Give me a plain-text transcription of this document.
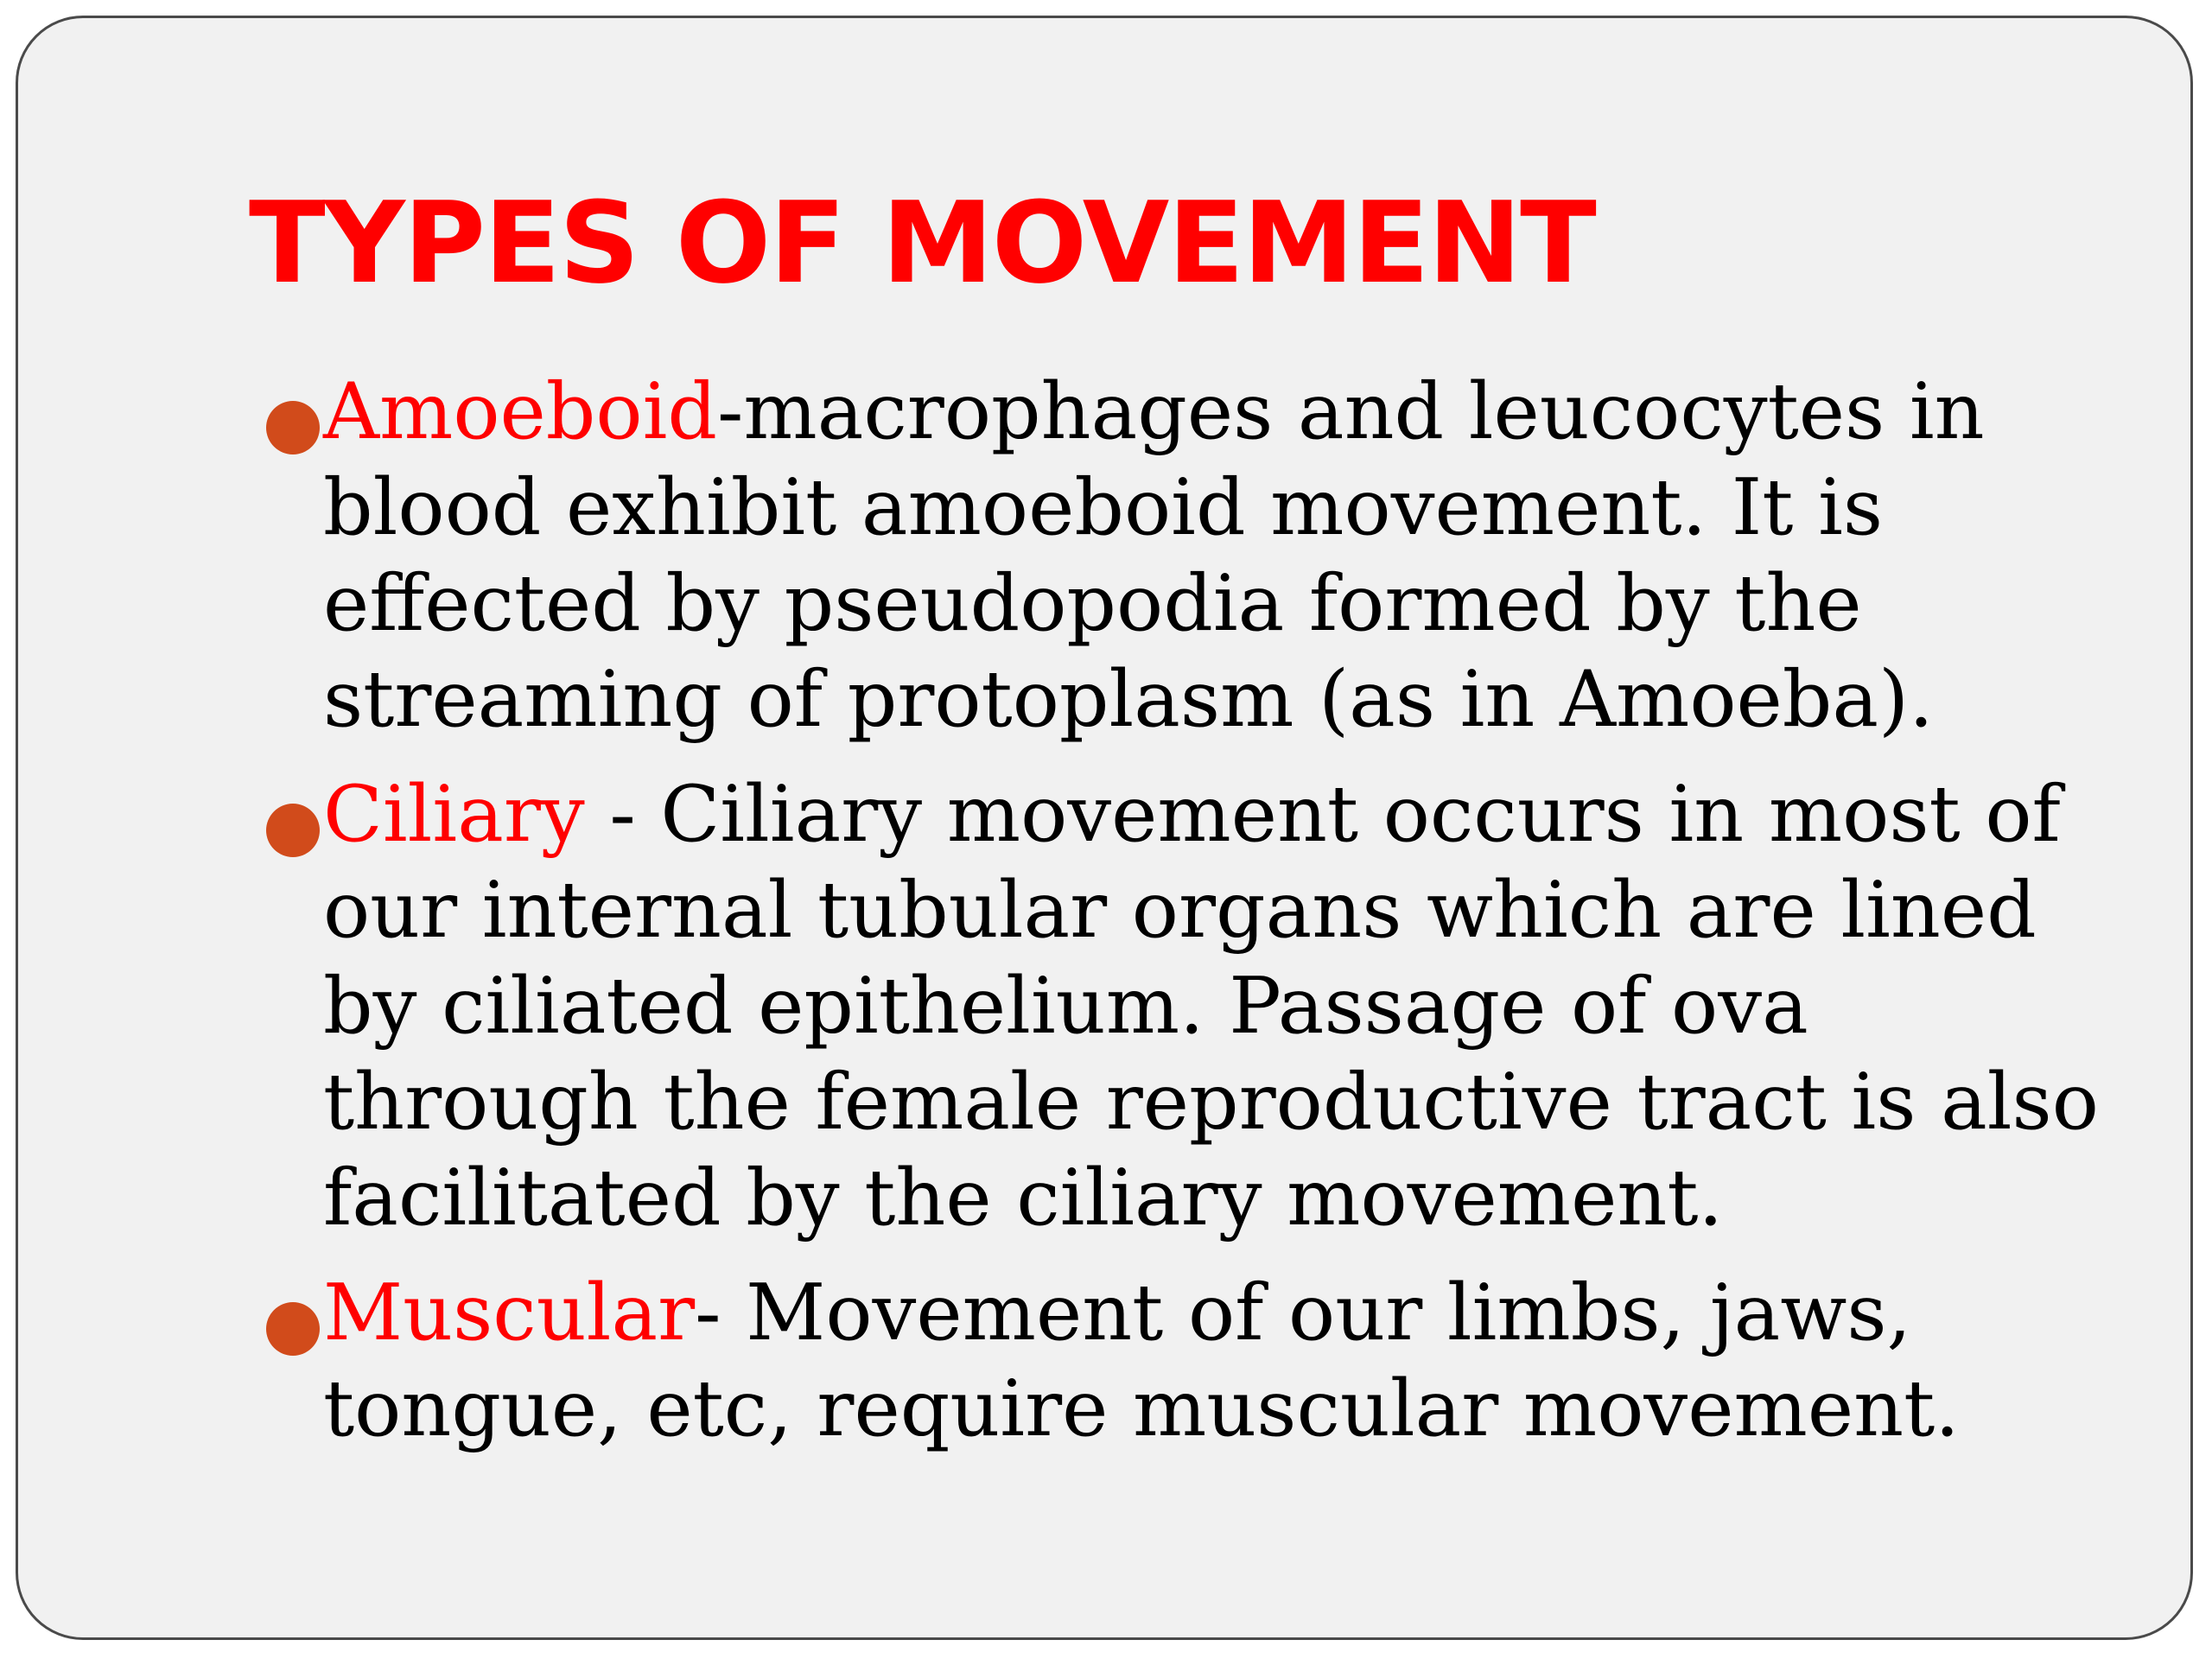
TYPES OF MOVEMENT
Amoeboid-macrophages and leucocytes in blood exhibit amoeboid movement. It is effected by pseudopodia formed by the streaming of protoplasm (as in Amoeba).
Ciliary - Ciliary movement occurs in most of our internal tubular organs which are lined by ciliated epithelium. Passage of ova through the female reproductive tract is also facilitated by the ciliary movement.
Muscular- Movement of our limbs, jaws, tongue, etc, require muscular movement.
